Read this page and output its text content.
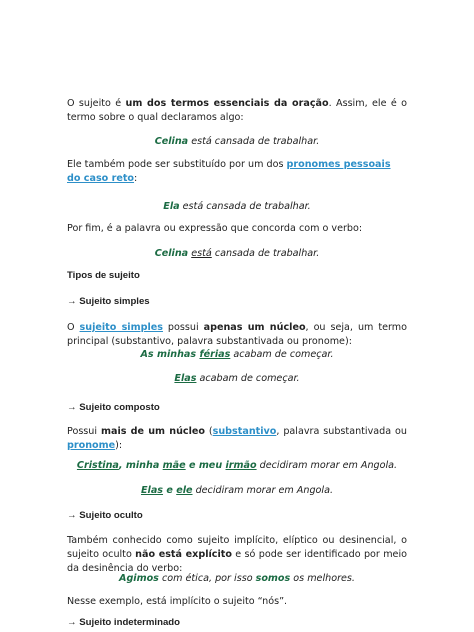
O sujeito é um dos termos essenciais da oração. Assim, ele é o termo sobre o qual declaramos algo:

Celina está cansada de trabalhar.

Ele também pode ser substituído por um dos pronomes pessoais do caso reto:

Ela está cansada de trabalhar.

Por fim, é a palavra ou expressão que concorda com o verbo:

Celina está cansada de trabalhar.

Tipos de sujeito

→ Sujeito simples

O sujeito simples possui apenas um núcleo, ou seja, um termo principal (substantivo, palavra substantivada ou pronome):

As minhas férias acabam de começar.

Elas acabam de começar.

→ Sujeito composto

Possui mais de um núcleo (substantivo, palavra substantivada ou pronome):

Cristina, minha mãe e meu irmão decidiram morar em Angola.

Elas e ele decidiram morar em Angola.

→ Sujeito oculto

Também conhecido como sujeito implícito, elíptico ou desinencial, o sujeito oculto não está explícito e só pode ser identificado por meio da desinência do verbo:

Agimos com ética, por isso somos os melhores.

Nesse exemplo, está implícito o sujeito “nós”.

→ Sujeito indeterminado
